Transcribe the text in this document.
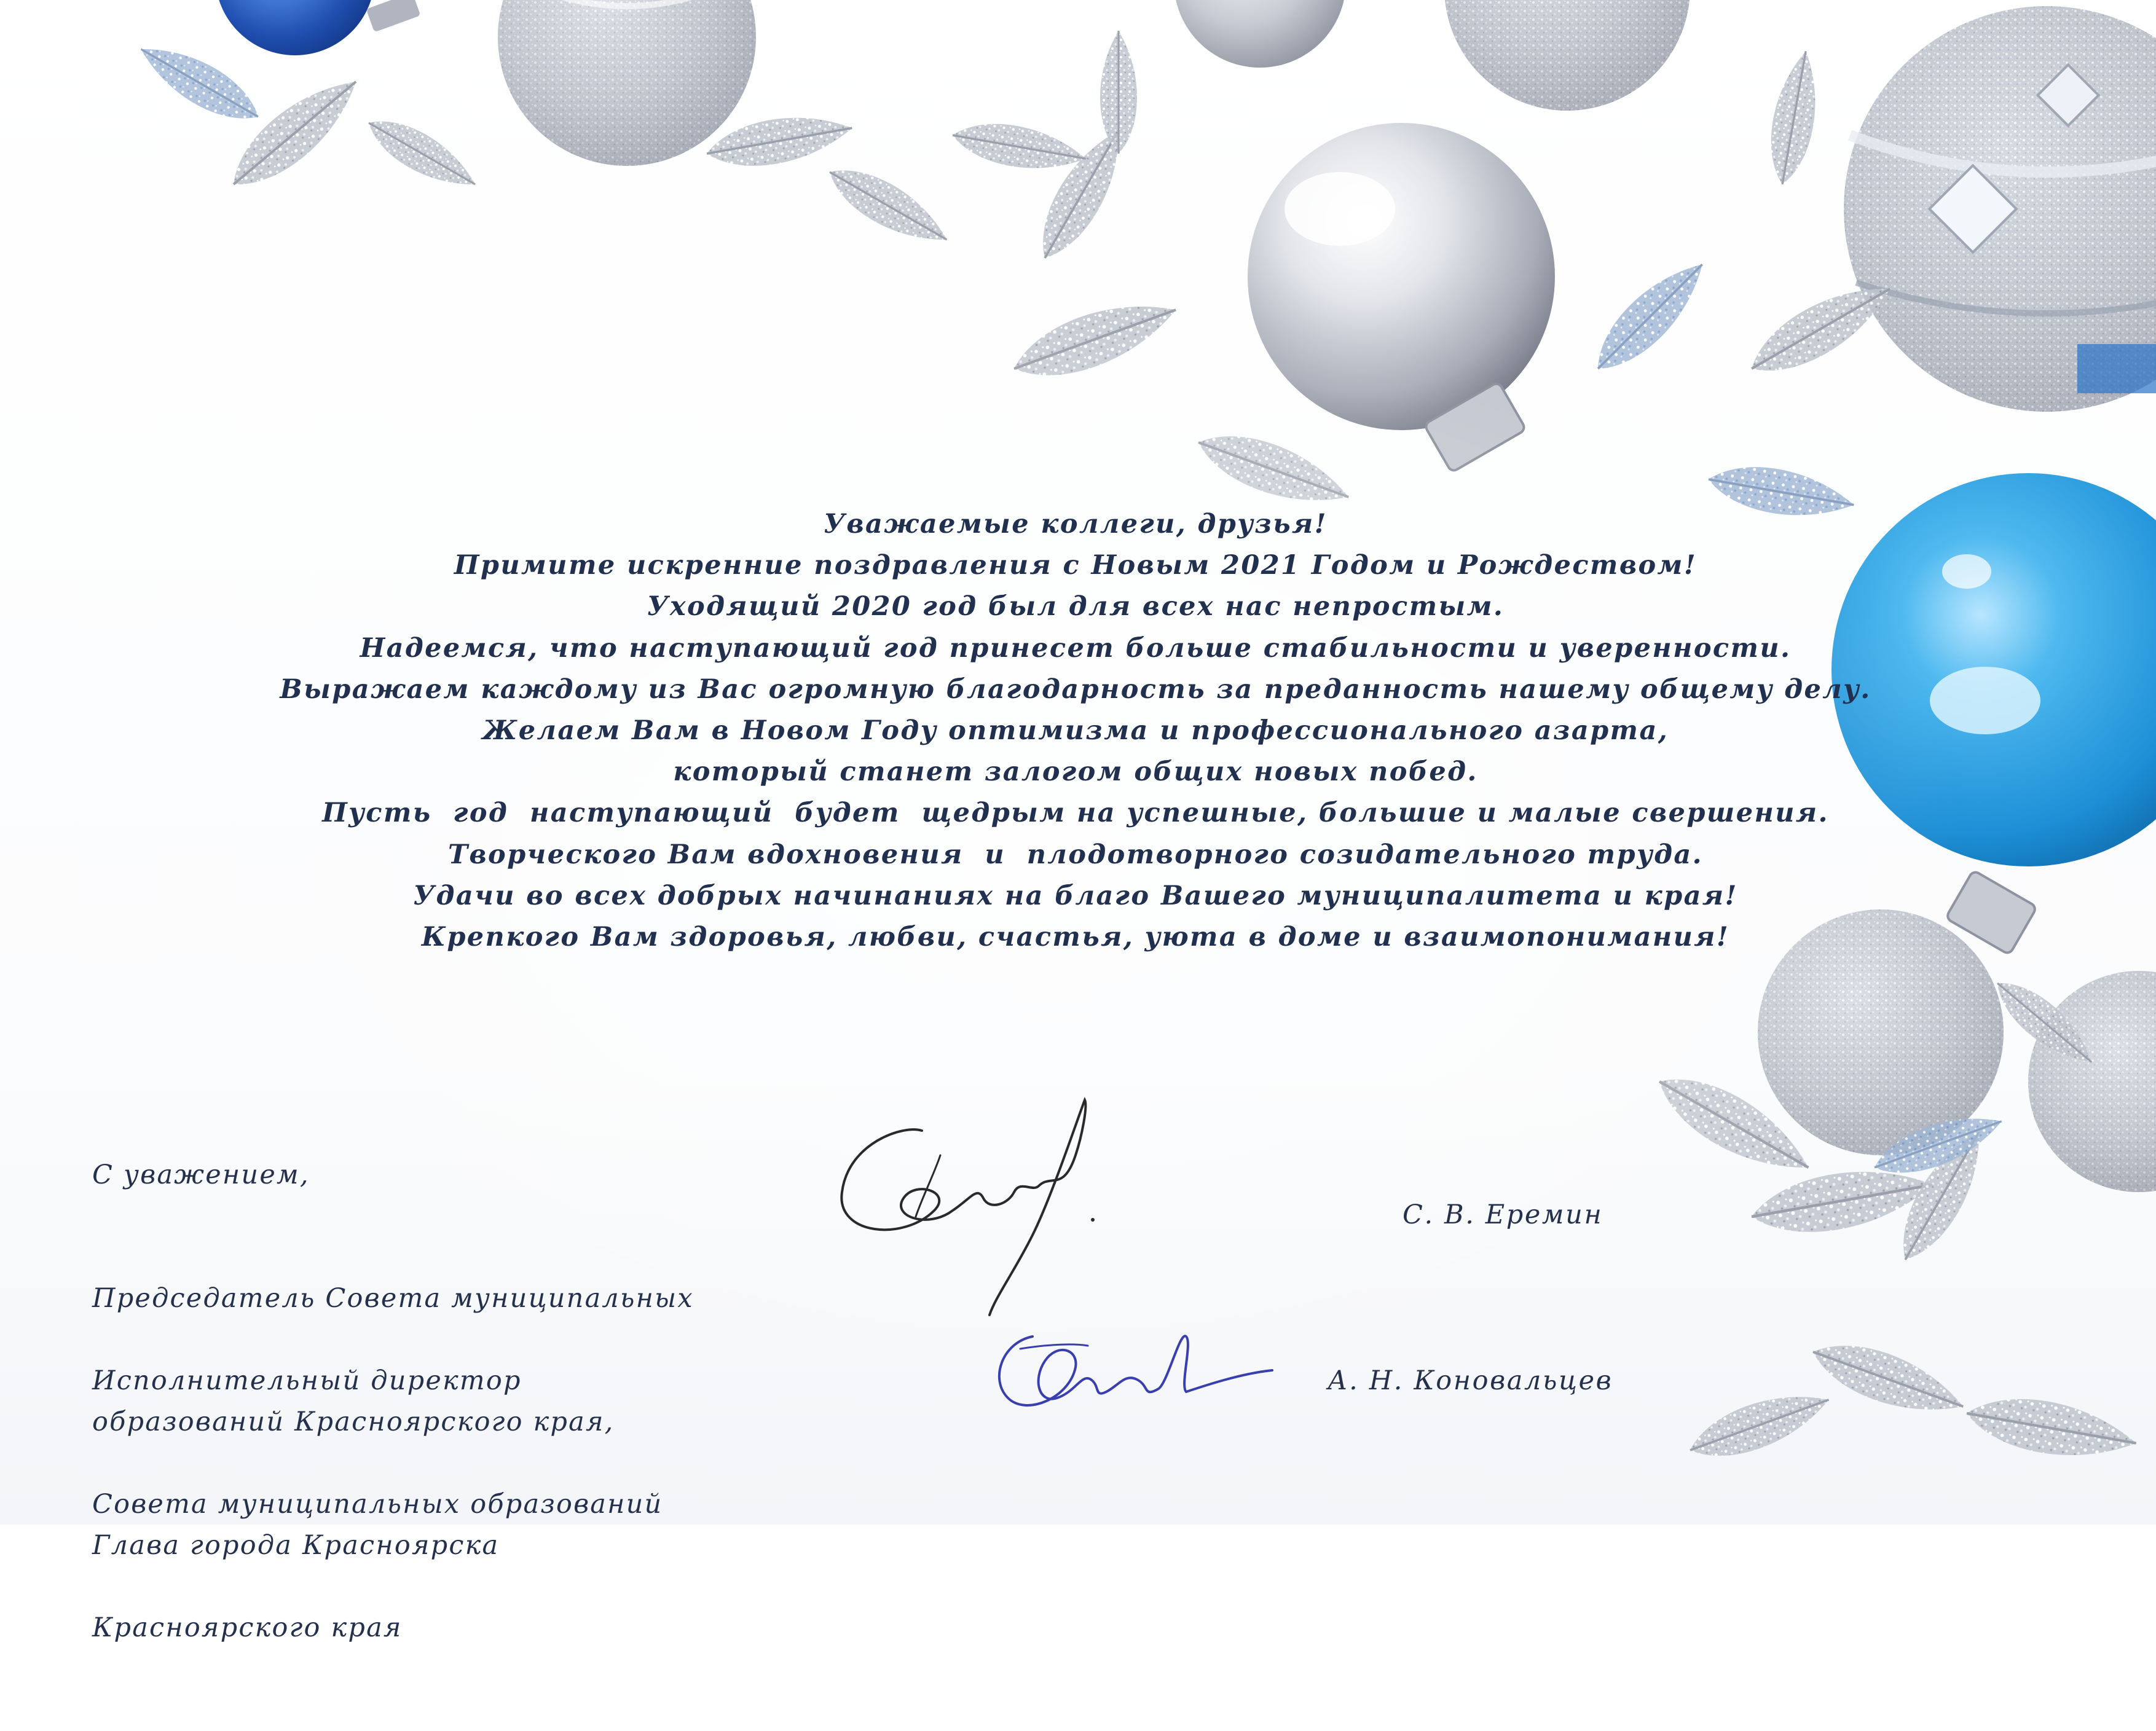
Уважаемые коллеги, друзья!
Примите искренние поздравления с Новым 2021 Годом и Рождеством!
Уходящий 2020 год был для всех нас непростым.
Надеемся, что наступающий год принесет больше стабильности и уверенности.
Выражаем каждому из Вас огромную благодарность за преданность нашему общему делу.
Желаем Вам в Новом Году оптимизма и профессионального азарта,
который станет залогом общих новых побед.
Пусть  год  наступающий  будет  щедрым на успешные, большие и малые свершения.
Творческого Вам вдохновения  и  плодотворного созидательного труда.
Удачи во всех добрых начинаниях на благо Вашего муниципалитета и края!
Крепкого Вам здоровья, любви, счастья, уюта в доме и взаимопонимания!

С уважением,

Председатель Совета муниципальных

образований Красноярского края,

Глава города Красноярска

Исполнительный директор

Совета муниципальных образований

Красноярского края

С. В. Еремин
А. Н. Коновальцев
